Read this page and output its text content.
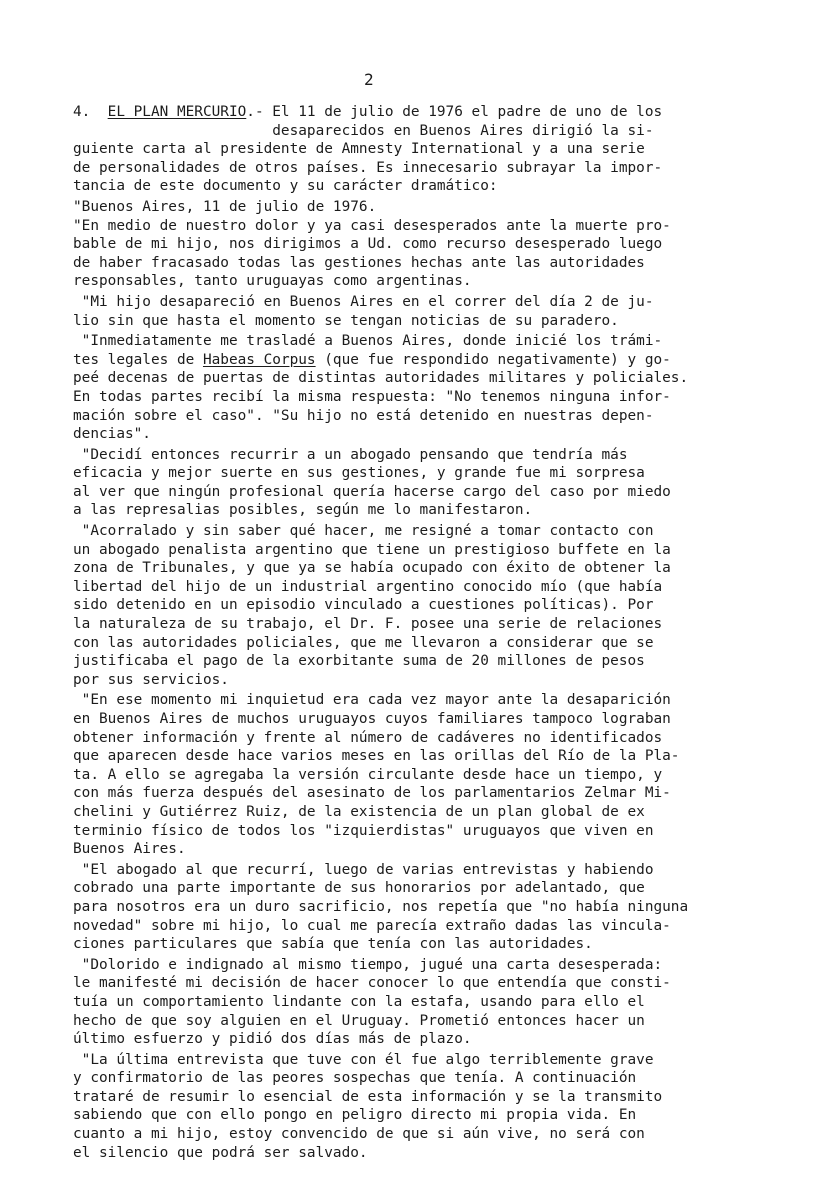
2
4.  EL PLAN MERCURIO.- El 11 de julio de 1976 el padre de uno de los
desaparecidos en Buenos Aires dirigió la si-
guiente carta al presidente de Amnesty International y a una serie
de personalidades de otros países. Es innecesario subrayar la impor-
tancia de este documento y su carácter dramático:
"Buenos Aires, 11 de julio de 1976.
"En medio de nuestro dolor y ya casi desesperados ante la muerte pro-
bable de mi hijo, nos dirigimos a Ud. como recurso desesperado luego
de haber fracasado todas las gestiones hechas ante las autoridades
responsables, tanto uruguayas como argentinas.
"Mi hijo desapareció en Buenos Aires en el correr del día 2 de ju-
lio sin que hasta el momento se tengan noticias de su paradero.
"Inmediatamente me trasladé a Buenos Aires, donde inicié los trámi-
tes legales de Habeas Corpus (que fue respondido negativamente) y go-
peé decenas de puertas de distintas autoridades militares y policiales.
En todas partes recibí la misma respuesta: "No tenemos ninguna infor-
mación sobre el caso". "Su hijo no está detenido en nuestras depen-
dencias".
"Decidí entonces recurrir a un abogado pensando que tendría más
eficacia y mejor suerte en sus gestiones, y grande fue mi sorpresa
al ver que ningún profesional quería hacerse cargo del caso por miedo
a las represalias posibles, según me lo manifestaron.
"Acorralado y sin saber qué hacer, me resigné a tomar contacto con
un abogado penalista argentino que tiene un prestigioso buffete en la
zona de Tribunales, y que ya se había ocupado con éxito de obtener la
libertad del hijo de un industrial argentino conocido mío (que había
sido detenido en un episodio vinculado a cuestiones políticas). Por
la naturaleza de su trabajo, el Dr. F. posee una serie de relaciones
con las autoridades policiales, que me llevaron a considerar que se
justificaba el pago de la exorbitante suma de 20 millones de pesos
por sus servicios.
"En ese momento mi inquietud era cada vez mayor ante la desaparición
en Buenos Aires de muchos uruguayos cuyos familiares tampoco lograban
obtener información y frente al número de cadáveres no identificados
que aparecen desde hace varios meses en las orillas del Río de la Pla-
ta. A ello se agregaba la versión circulante desde hace un tiempo, y
con más fuerza después del asesinato de los parlamentarios Zelmar Mi-
chelini y Gutiérrez Ruiz, de la existencia de un plan global de ex
terminio físico de todos los "izquierdistas" uruguayos que viven en
Buenos Aires.
"El abogado al que recurrí, luego de varias entrevistas y habiendo
cobrado una parte importante de sus honorarios por adelantado, que
para nosotros era un duro sacrificio, nos repetía que "no había ninguna
novedad" sobre mi hijo, lo cual me parecía extraño dadas las vincula-
ciones particulares que sabía que tenía con las autoridades.
"Dolorido e indignado al mismo tiempo, jugué una carta desesperada:
le manifesté mi decisión de hacer conocer lo que entendía que consti-
tuía un comportamiento lindante con la estafa, usando para ello el
hecho de que soy alguien en el Uruguay. Prometió entonces hacer un
último esfuerzo y pidió dos días más de plazo.
"La última entrevista que tuve con él fue algo terriblemente grave
y confirmatorio de las peores sospechas que tenía. A continuación
trataré de resumir lo esencial de esta información y se la transmito
sabiendo que con ello pongo en peligro directo mi propia vida. En
cuanto a mi hijo, estoy convencido de que si aún vive, no será con
el silencio que podrá ser salvado.
